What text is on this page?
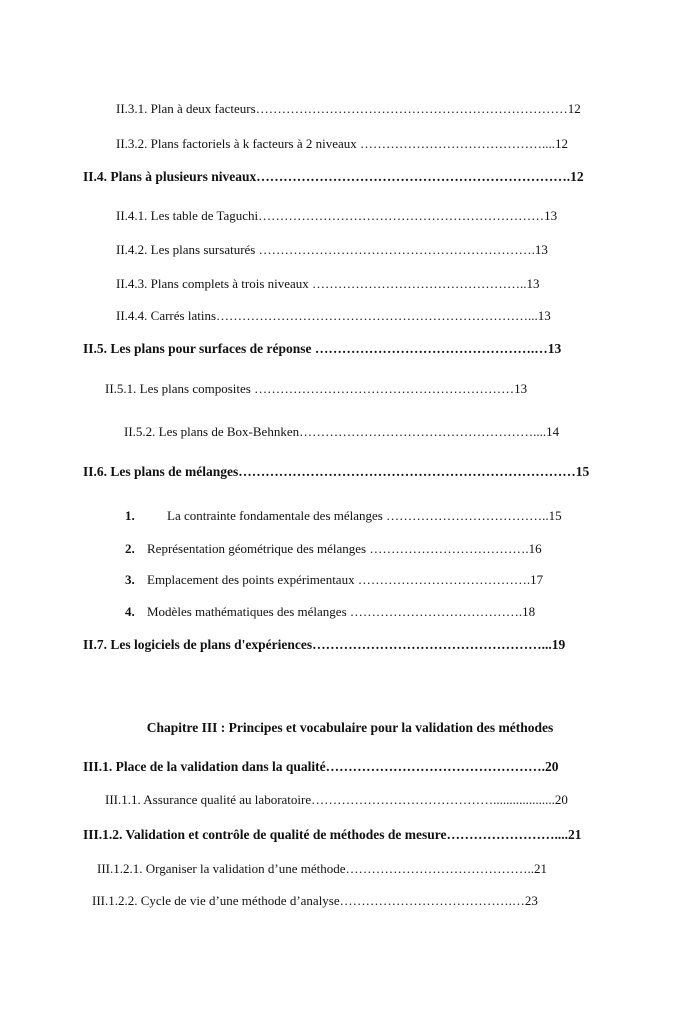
II.3.1. Plan à deux facteurs………………………………………………………………12
II.3.2. Plans factoriels à k facteurs à 2 niveaux ……………………………………....12
II.4. Plans à plusieurs niveaux…………………………………………………………….12
II.4.1. Les table de Taguchi…………………………………………………………13
II.4.2. Les plans sursaturés ……………………………………………………….13
II.4.3. Plans complets à trois niveaux …………………………………………..13
II.4.4. Carrés latins………………………………………………………………...13
II.5. Les plans pour surfaces de réponse ………………………………………….…13
II.5.1. Les plans composites ……………………………………………………13
II.5.2. Les plans de Box-Behnken………………………………………………....14
II.6. Les plans de mélanges…………………………………………………………………15
1. La contrainte fondamentale des mélanges ………………………………..15
2. Représentation géométrique des mélanges ……………………………….16
3. Emplacement des points expérimentaux ………………………………….17
4. Modèles mathématiques des mélanges ………………………………….18
II.7. Les logiciels de plans d'expériences……………………………………………...19
Chapitre III : Principes et vocabulaire pour la validation des méthodes
III.1. Place de la validation dans la qualité………………………………………….20
III.1.1. Assurance qualité au laboratoire……………………………………...................20
III.1.2. Validation et contrôle de qualité de méthodes de mesure……………………....21
III.1.2.1. Organiser la validation d’une méthode……………………………………..21
III.1.2.2. Cycle de vie d’une méthode d’analyse………………………………….…23
